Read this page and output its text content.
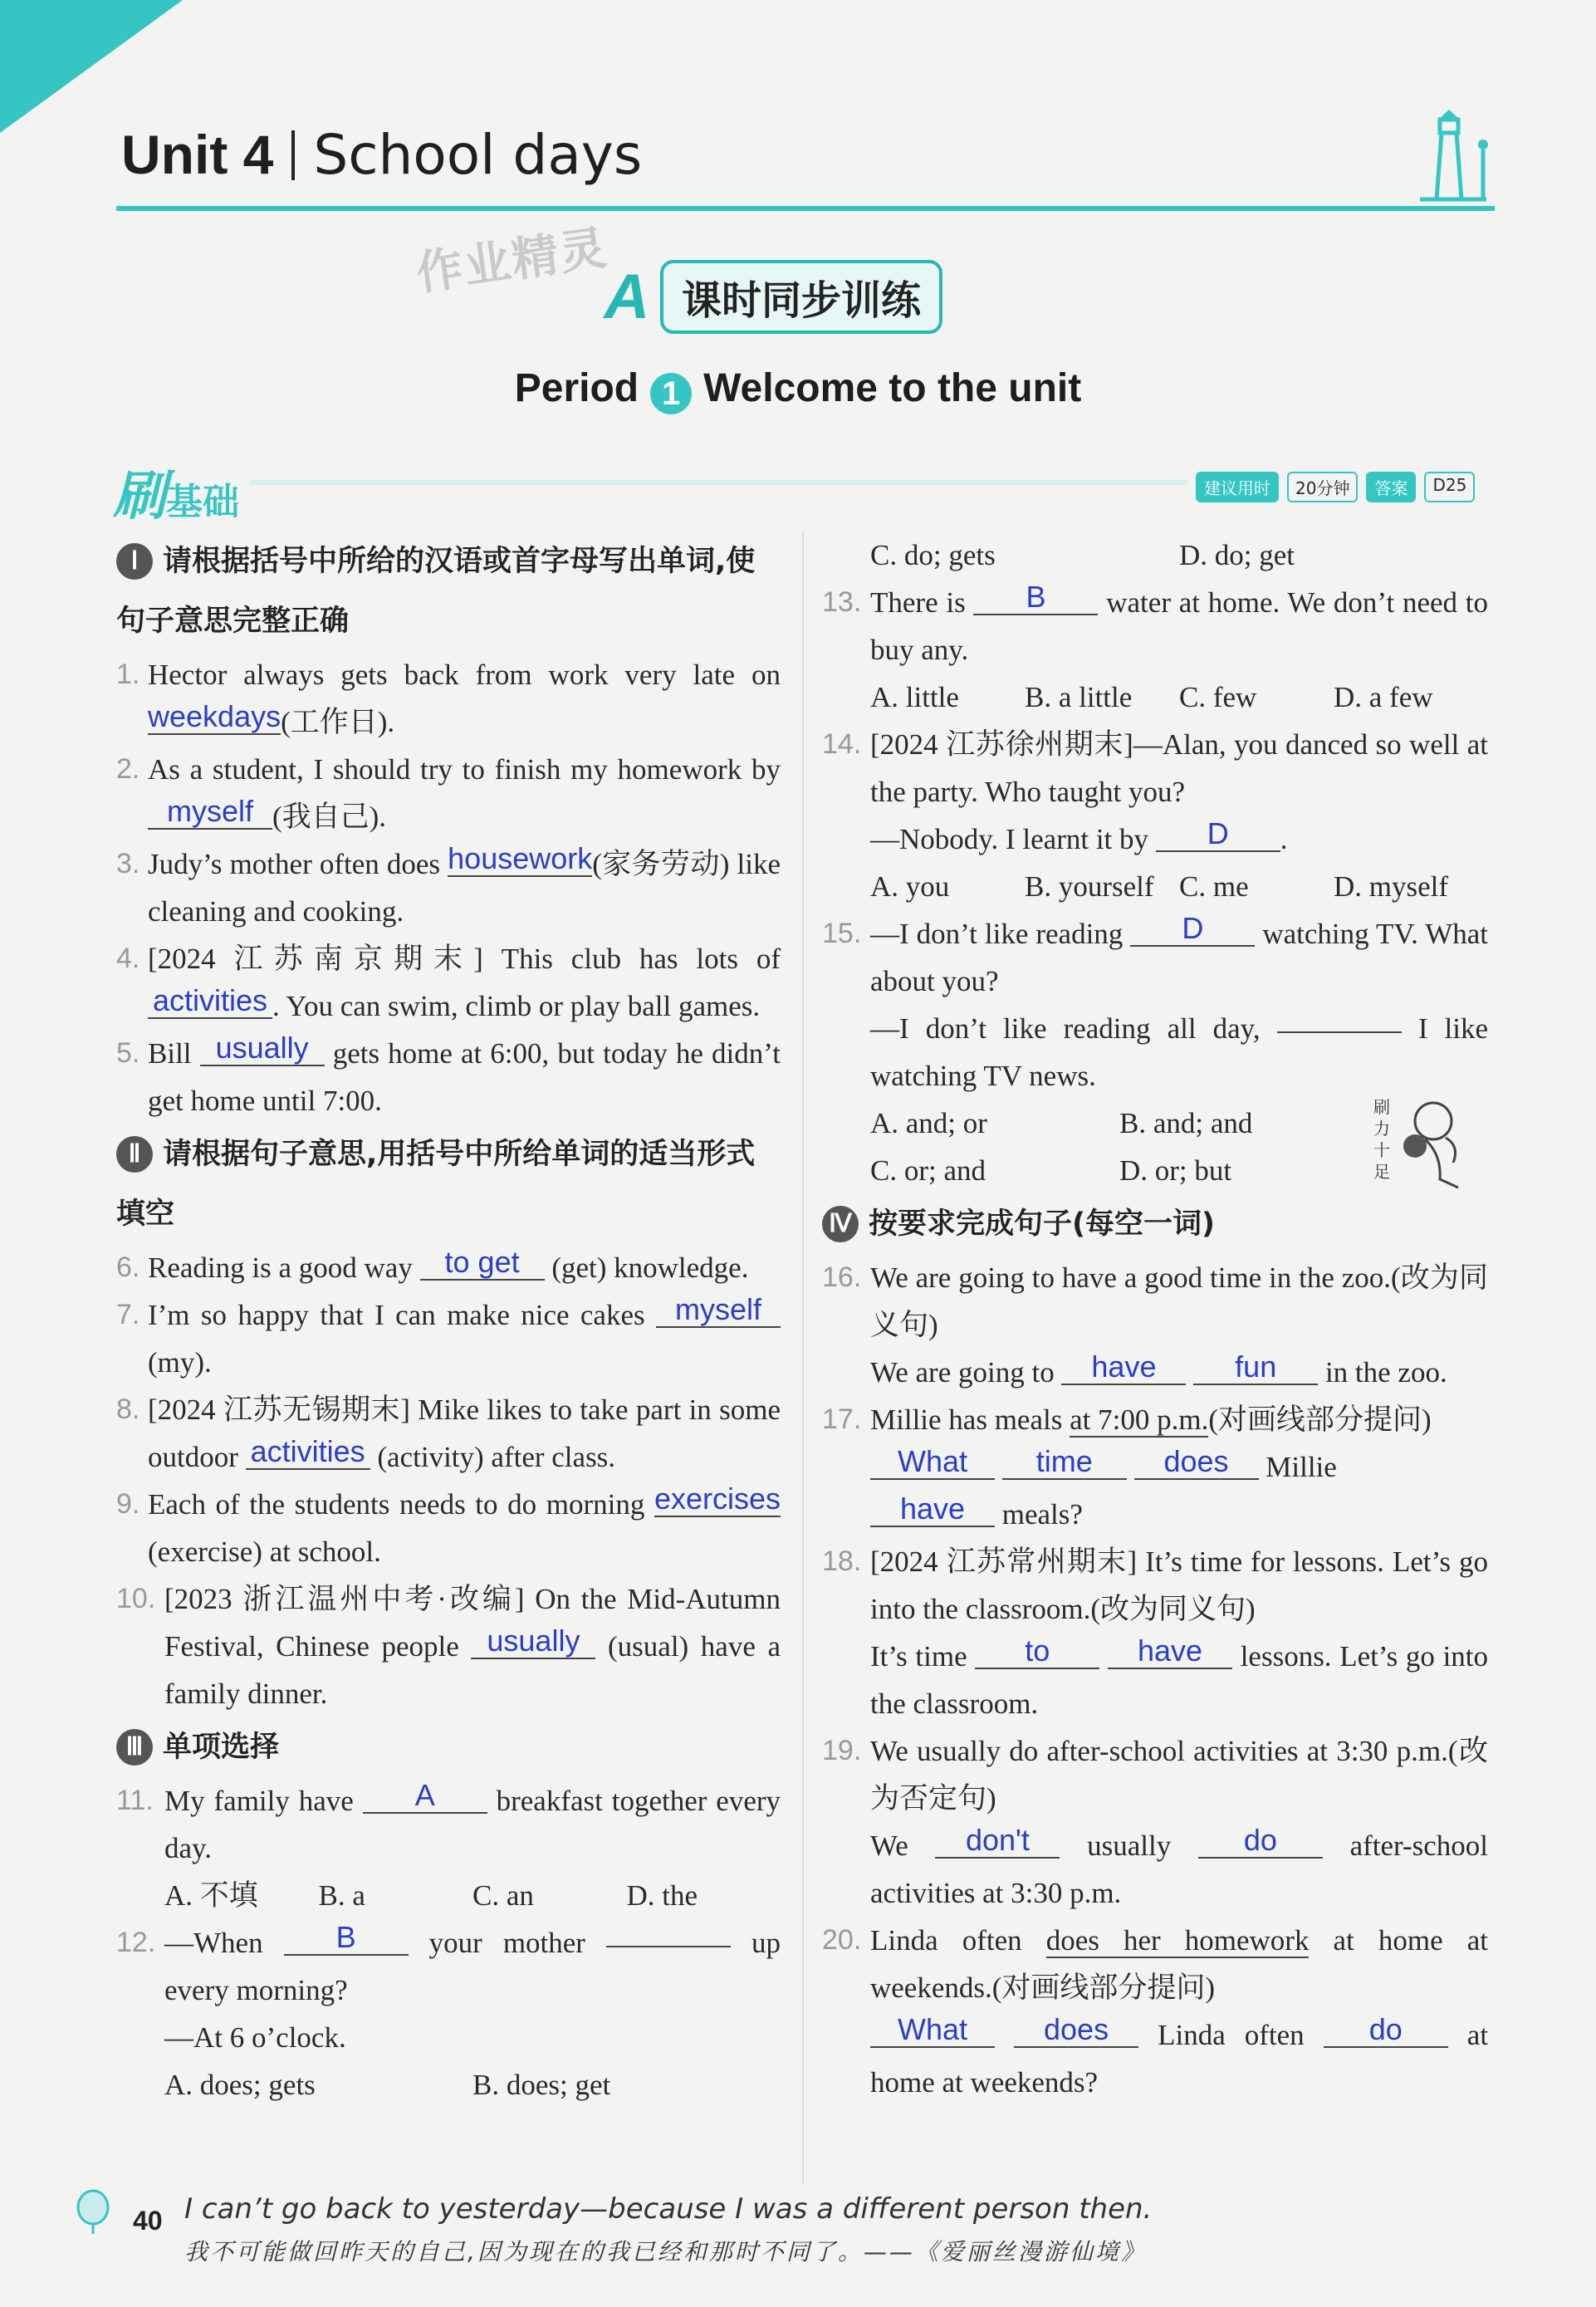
Unit 4 School days
作业精灵
A 课时同步训练
Period 1 Welcome to the unit
刷基础	建议用时	20分钟	答案	D25
Ⅰ 请根据括号中所给的汉语或首字母写出单词,使句子意思完整正确
1. Hector always gets back from work very late on weekdays(工作日).
2. As a student, I should try to finish my homework by myself (我自己).
3. Judy’s mother often does housework(家务劳动) like cleaning and cooking.
4. [2024 江苏南京期末] This club has lots of activities . You can swim, climb or play ball games.
5. Bill usually gets home at 6:00, but today he didn’t get home until 7:00.
Ⅱ 请根据句子意思,用括号中所给单词的适当形式填空
6. Reading is a good way to get (get) knowledge.
7. I’m so happy that I can make nice cakes myself (my).
8. [2024 江苏无锡期末] Mike likes to take part in some outdoor activities (activity) after class.
9. Each of the students needs to do morning exercises (exercise) at school.
10. [2023 浙江温州中考·改编] On the Mid-Autumn Festival, Chinese people usually (usual) have a family dinner.
Ⅲ 单项选择
11. My family have A breakfast together every day.
A. 不填	B. a	C. an	D. the
12. —When B	your mother	up every morning?
—At 6 o’clock.
A. does; gets	B. does; get
C. do; gets	D. do; get
13. There is B water at home. We don’t need to buy any.
A. little	B. a little	C. few	D. a few
14. [2024 江苏徐州期末]—Alan, you danced so well at the party. Who taught you?
—Nobody. I learnt it by D .
A. you	B. yourself C. me	D. myself
15. —I don’t like reading D watching TV. What about you?
—I don’t like reading all day,	I like watching TV news.
A. and; or	B. and; and
C. or; and	D. or; but
Ⅳ 按要求完成句子(每空一词)
16. We are going to have a good time in the zoo.(改为同义句)
We are going to have	fun in the zoo.
17. Millie has meals at 7:00 p.m.(对画线部分提问)
What time does Millie
have meals?
18. [2024 江苏常州期末] It’s time for lessons. Let’s go into the classroom.(改为同义句)
It’s time to	have lessons. Let’s go into the classroom.
19. We usually do after-school activities at 3:30 p.m.(改为否定句)
We don't usually do	after-school activities at 3:30 p.m.
20. Linda often does her homework at home at weekends.(对画线部分提问)
What	does Linda often do at home at weekends?
刷
力
十
足
40 I can’t go back to yesterday—because I was a different person then.
我不可能做回昨天的自己,因为现在的我已经和那时不同了。——《爱丽丝漫游仙境》
